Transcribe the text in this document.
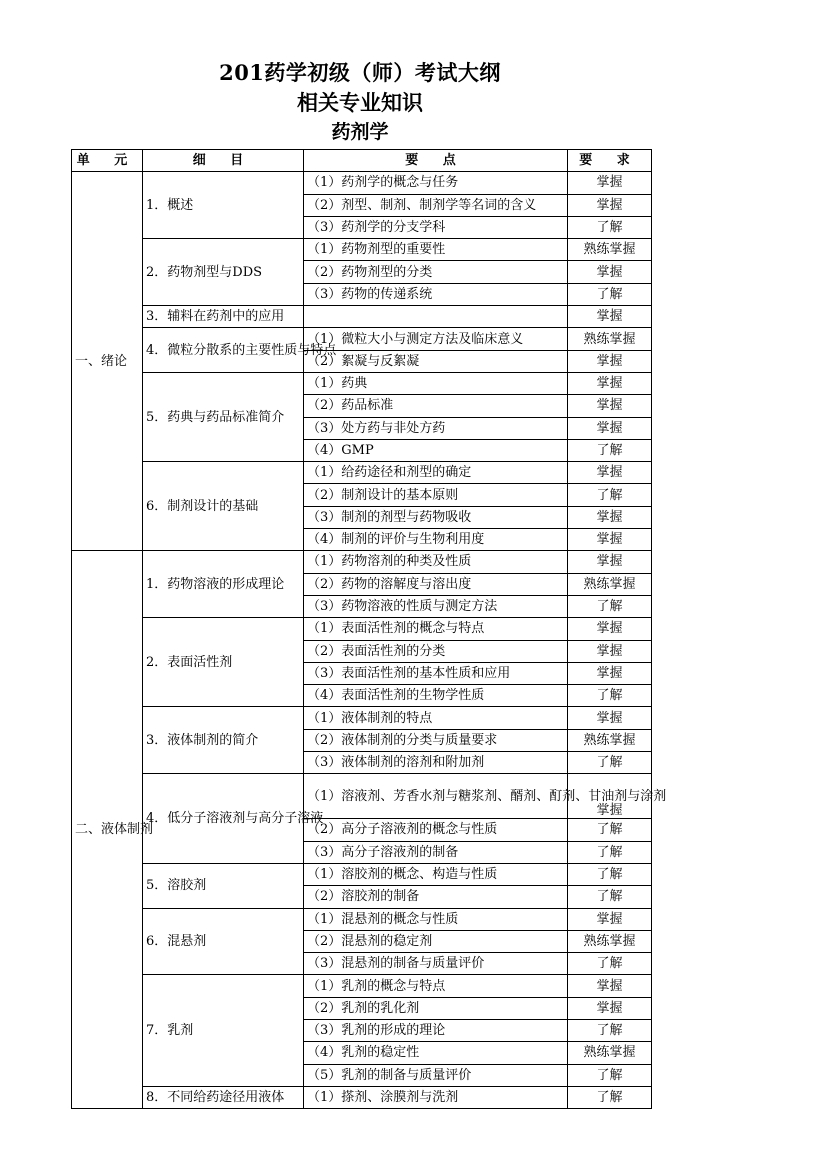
201药学初级（师）考试大纲
相关专业知识
药剂学
单 元	细 目	要 点	要 求
一、绪论	1．概述	（1）药剂学的概念与任务	掌握
		（2）剂型、制剂、制剂学等名词的含义	掌握
		（3）药剂学的分支学科	了解
	2．药物剂型与DDS	（1）药物剂型的重要性	熟练掌握
		（2）药物剂型的分类	掌握
		（3）药物的传递系统	了解
	3．辅料在药剂中的应用		掌握
	4．微粒分散系的主要性质与特点	（1）微粒大小与测定方法及临床意义	熟练掌握
		（2）絮凝与反絮凝	掌握
	5．药典与药品标准简介	（1）药典	掌握
		（2）药品标准	掌握
		（3）处方药与非处方药	掌握
		（4）GMP	了解
	6．制剂设计的基础	（1）给药途径和剂型的确定	掌握
		（2）制剂设计的基本原则	了解
		（3）制剂的剂型与药物吸收	掌握
		（4）制剂的评价与生物利用度	掌握
二、液体制剂	1．药物溶液的形成理论	（1）药物溶剂的种类及性质	掌握
		（2）药物的溶解度与溶出度	熟练掌握
		（3）药物溶液的性质与测定方法	了解
	2．表面活性剂	（1）表面活性剂的概念与特点	掌握
		（2）表面活性剂的分类	掌握
		（3）表面活性剂的基本性质和应用	掌握
		（4）表面活性剂的生物学性质	了解
	3．液体制剂的简介	（1）液体制剂的特点	掌握
		（2）液体制剂的分类与质量要求	熟练掌握
		（3）液体制剂的溶剂和附加剂	了解
	4．低分子溶液剂与高分子溶液	（1）溶液剂、芳香水剂与糖浆剂、醑剂、酊剂、甘油剂与涂剂	掌握
		（2）高分子溶液剂的概念与性质	了解
		（3）高分子溶液剂的制备	了解
	5．溶胶剂	（1）溶胶剂的概念、构造与性质	了解
		（2）溶胶剂的制备	了解
	6．混悬剂	（1）混悬剂的概念与性质	掌握
		（2）混悬剂的稳定剂	熟练掌握
		（3）混悬剂的制备与质量评价	了解
	7．乳剂	（1）乳剂的概念与特点	掌握
		（2）乳剂的乳化剂	掌握
		（3）乳剂的形成的理论	了解
		（4）乳剂的稳定性	熟练掌握
		（5）乳剂的制备与质量评价	了解
	8．不同给药途径用液体	（1）搽剂、涂膜剂与洗剂	了解
